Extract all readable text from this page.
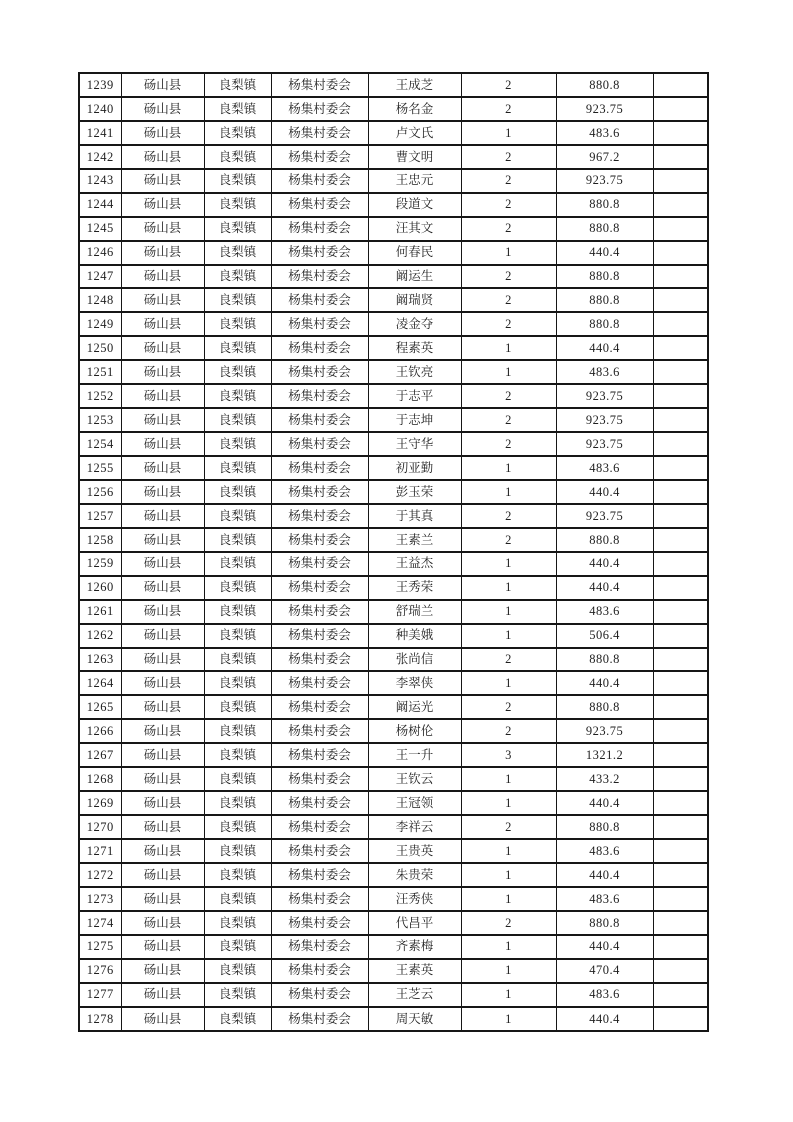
1239	砀山县	良梨镇	杨集村委会	王成芝	2	880.8	
1240	砀山县	良梨镇	杨集村委会	杨名金	2	923.75	
1241	砀山县	良梨镇	杨集村委会	卢文氏	1	483.6	
1242	砀山县	良梨镇	杨集村委会	曹文明	2	967.2	
1243	砀山县	良梨镇	杨集村委会	王忠元	2	923.75	
1244	砀山县	良梨镇	杨集村委会	段道文	2	880.8	
1245	砀山县	良梨镇	杨集村委会	汪其文	2	880.8	
1246	砀山县	良梨镇	杨集村委会	何春民	1	440.4	
1247	砀山县	良梨镇	杨集村委会	阚运生	2	880.8	
1248	砀山县	良梨镇	杨集村委会	阚瑞贤	2	880.8	
1249	砀山县	良梨镇	杨集村委会	凌金夺	2	880.8	
1250	砀山县	良梨镇	杨集村委会	程素英	1	440.4	
1251	砀山县	良梨镇	杨集村委会	王钦亮	1	483.6	
1252	砀山县	良梨镇	杨集村委会	于志平	2	923.75	
1253	砀山县	良梨镇	杨集村委会	于志坤	2	923.75	
1254	砀山县	良梨镇	杨集村委会	王守华	2	923.75	
1255	砀山县	良梨镇	杨集村委会	初亚勤	1	483.6	
1256	砀山县	良梨镇	杨集村委会	彭玉荣	1	440.4	
1257	砀山县	良梨镇	杨集村委会	于其真	2	923.75	
1258	砀山县	良梨镇	杨集村委会	王素兰	2	880.8	
1259	砀山县	良梨镇	杨集村委会	王益杰	1	440.4	
1260	砀山县	良梨镇	杨集村委会	王秀荣	1	440.4	
1261	砀山县	良梨镇	杨集村委会	舒瑞兰	1	483.6	
1262	砀山县	良梨镇	杨集村委会	种美娥	1	506.4	
1263	砀山县	良梨镇	杨集村委会	张尚信	2	880.8	
1264	砀山县	良梨镇	杨集村委会	李翠侠	1	440.4	
1265	砀山县	良梨镇	杨集村委会	阚运光	2	880.8	
1266	砀山县	良梨镇	杨集村委会	杨树伦	2	923.75	
1267	砀山县	良梨镇	杨集村委会	王一升	3	1321.2	
1268	砀山县	良梨镇	杨集村委会	王钦云	1	433.2	
1269	砀山县	良梨镇	杨集村委会	王冠领	1	440.4	
1270	砀山县	良梨镇	杨集村委会	李祥云	2	880.8	
1271	砀山县	良梨镇	杨集村委会	王贵英	1	483.6	
1272	砀山县	良梨镇	杨集村委会	朱贵荣	1	440.4	
1273	砀山县	良梨镇	杨集村委会	汪秀侠	1	483.6	
1274	砀山县	良梨镇	杨集村委会	代昌平	2	880.8	
1275	砀山县	良梨镇	杨集村委会	齐素梅	1	440.4	
1276	砀山县	良梨镇	杨集村委会	王素英	1	470.4	
1277	砀山县	良梨镇	杨集村委会	王芝云	1	483.6	
1278	砀山县	良梨镇	杨集村委会	周天敏	1	440.4	
